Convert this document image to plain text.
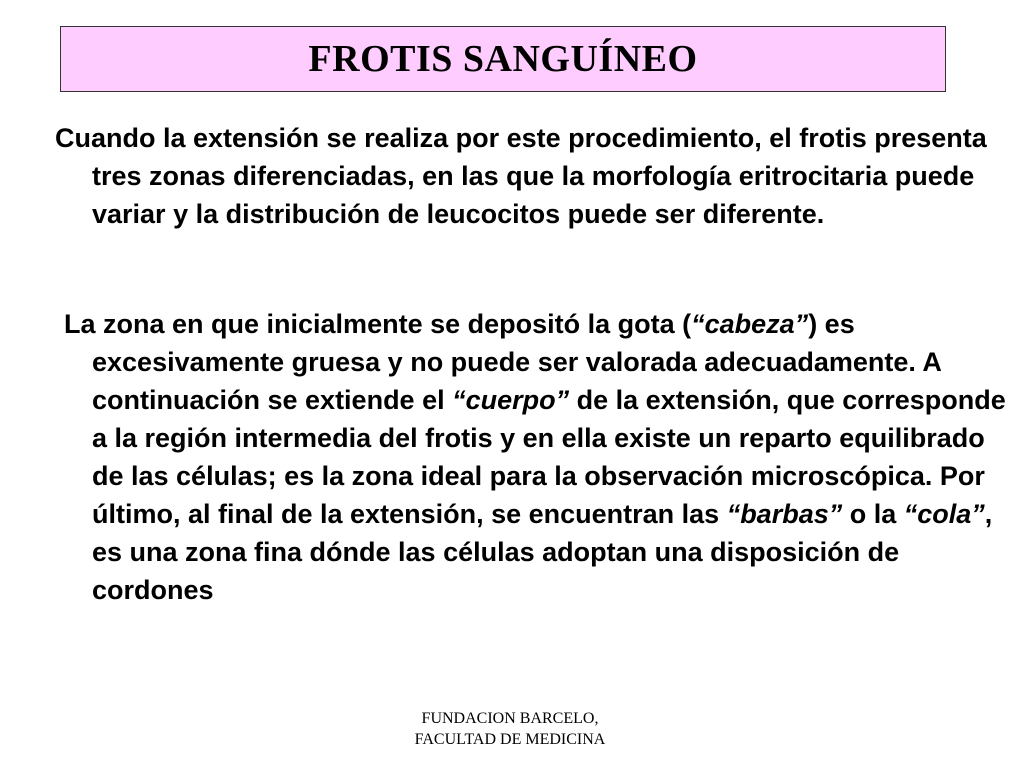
FROTIS SANGUÍNEO

Cuando la extensión se realiza por este procedimiento, el frotis presenta tres zonas diferenciadas, en las que la morfología eritrocitaria puede variar y la distribución de leucocitos puede ser diferente.

La zona en que inicialmente se depositó la gota (“cabeza”) es excesivamente gruesa y no puede ser valorada adecuadamente. A continuación se extiende el “cuerpo” de la extensión, que corresponde a la región intermedia del frotis y en ella existe un reparto equilibrado de las células; es la zona ideal para la observación microscópica. Por último, al final de la extensión, se encuentran las “barbas” o la “cola”, es una zona fina dónde las células adoptan una disposición de cordones

FUNDACION BARCELO,
FACULTAD DE MEDICINA
